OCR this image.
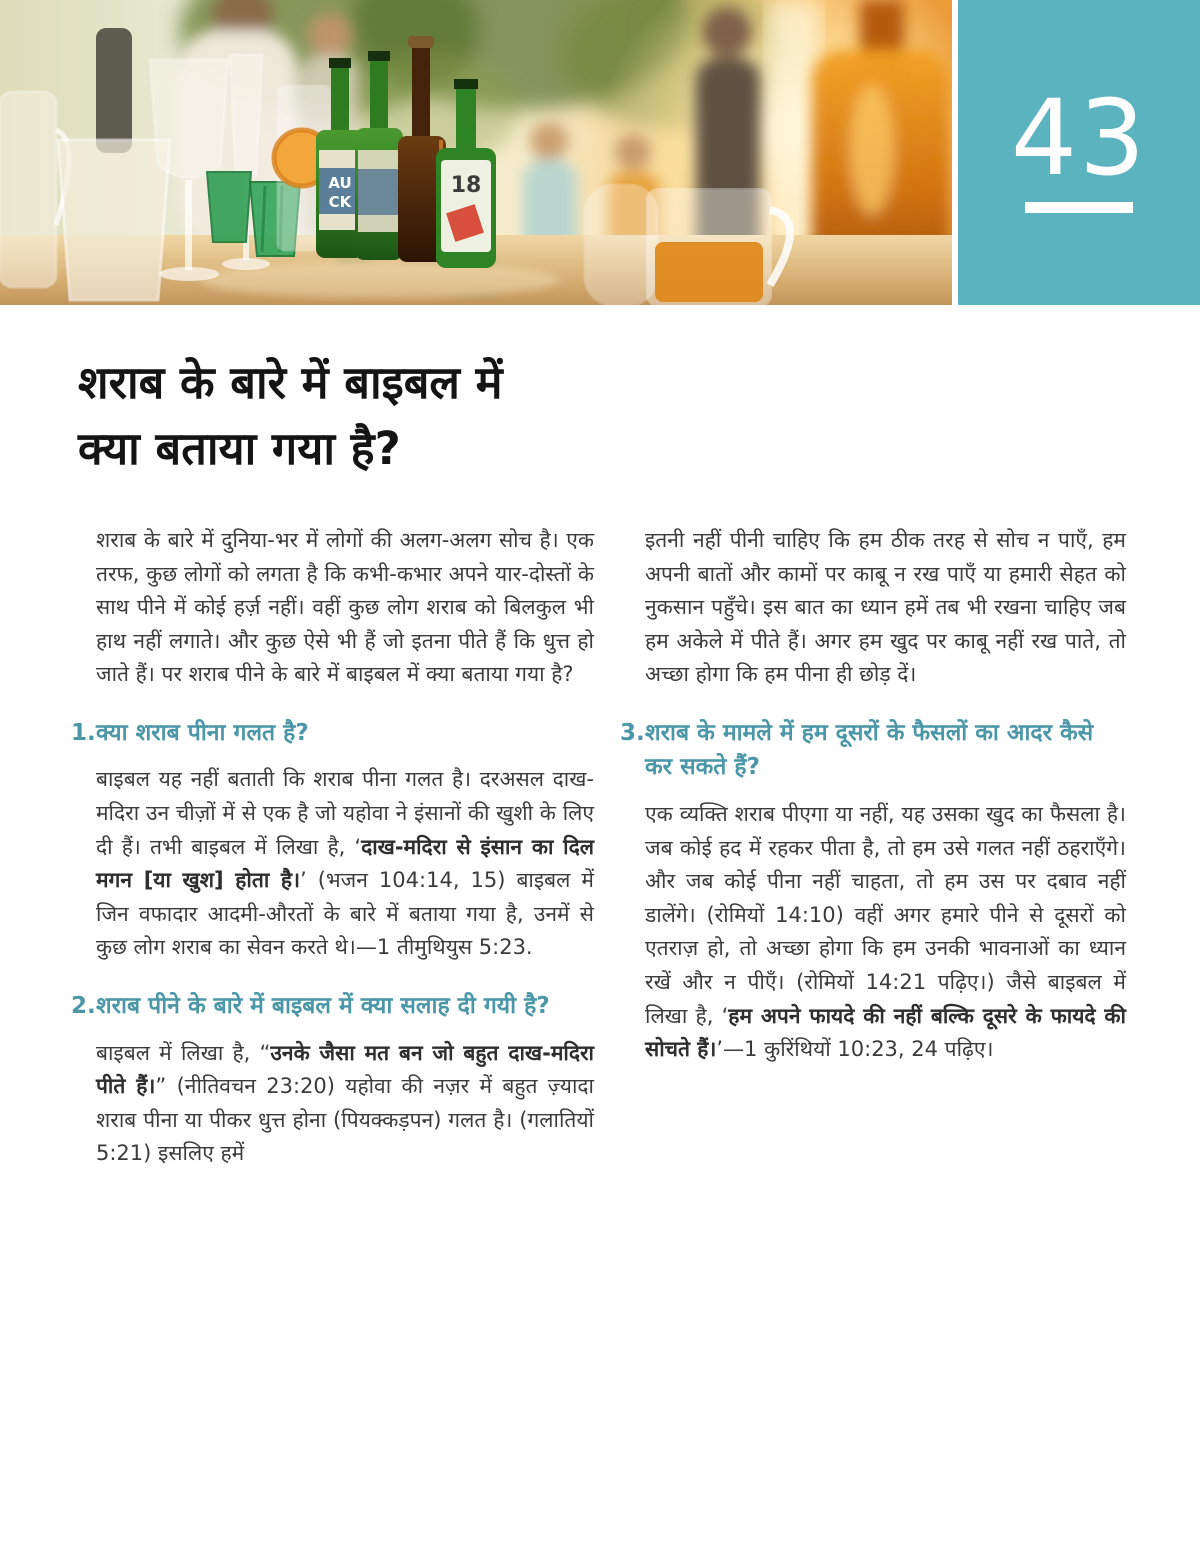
AU
CK
18	43
शराब के बारे में बाइबल में
क्या बताया गया है?

शराब के बारे में दुनिया-भर में लोगों की अलग-अलग सोच है। एक तरफ, कुछ लोगों को लगता है कि कभी-कभार अपने यार-दोस्तों के साथ पीने में कोई हर्ज़ नहीं। वहीं कुछ लोग शराब को बिलकुल भी हाथ नहीं लगाते। और कुछ ऐसे भी हैं जो इतना पीते हैं कि धुत्त हो जाते हैं। पर शराब पीने के बारे में बाइबल में क्या बताया गया है?

1. क्या शराब पीना गलत है?

बाइबल यह नहीं बताती कि शराब पीना गलत है। दरअसल दाख-मदिरा उन चीज़ों में से एक है जो यहोवा ने इंसानों की खुशी के लिए दी हैं। तभी बाइबल में लिखा है, ‘दाख-मदिरा से इंसान का दिल मगन [या खुश] होता है।’ (भजन 104:14, 15) बाइबल में जिन वफादार आदमी-औरतों के बारे में बताया गया है, उनमें से कुछ लोग शराब का सेवन करते थे।—1 तीमुथियुस 5:23.

2. शराब पीने के बारे में बाइबल में क्या सलाह दी गयी है?

बाइबल में लिखा है, “उनके जैसा मत बन जो बहुत दाख-मदिरा पीते हैं।” (नीतिवचन 23:20) यहोवा की नज़र में बहुत ज़्यादा शराब पीना या पीकर धुत्त होना (पियक्कड़पन) गलत है। (गलातियों 5:21) इसलिए हमें

इतनी नहीं पीनी चाहिए कि हम ठीक तरह से सोच न पाएँ, हम अपनी बातों और कामों पर काबू न रख पाएँ या हमारी सेहत को नुकसान पहुँचे। इस बात का ध्यान हमें तब भी रखना चाहिए जब हम अकेले में पीते हैं। अगर हम खुद पर काबू नहीं रख पाते, तो अच्छा होगा कि हम पीना ही छोड़ दें।

3. शराब के मामले में हम दूसरों के फैसलों का आदर कैसे कर सकते हैं?

एक व्यक्ति शराब पीएगा या नहीं, यह उसका खुद का फैसला है। जब कोई हद में रहकर पीता है, तो हम उसे गलत नहीं ठहराएँगे। और जब कोई पीना नहीं चाहता, तो हम उस पर दबाव नहीं डालेंगे। (रोमियों 14:10) वहीं अगर हमारे पीने से दूसरों को एतराज़ हो, तो अच्छा होगा कि हम उनकी भावनाओं का ध्यान रखें और न पीएँ। (रोमियों 14:21 पढ़िए।) जैसे बाइबल में लिखा है, ‘हम अपने फायदे की नहीं बल्कि दूसरे के फायदे की सोचते हैं।’—1 कुरिंथियों 10:23, 24 पढ़िए।
